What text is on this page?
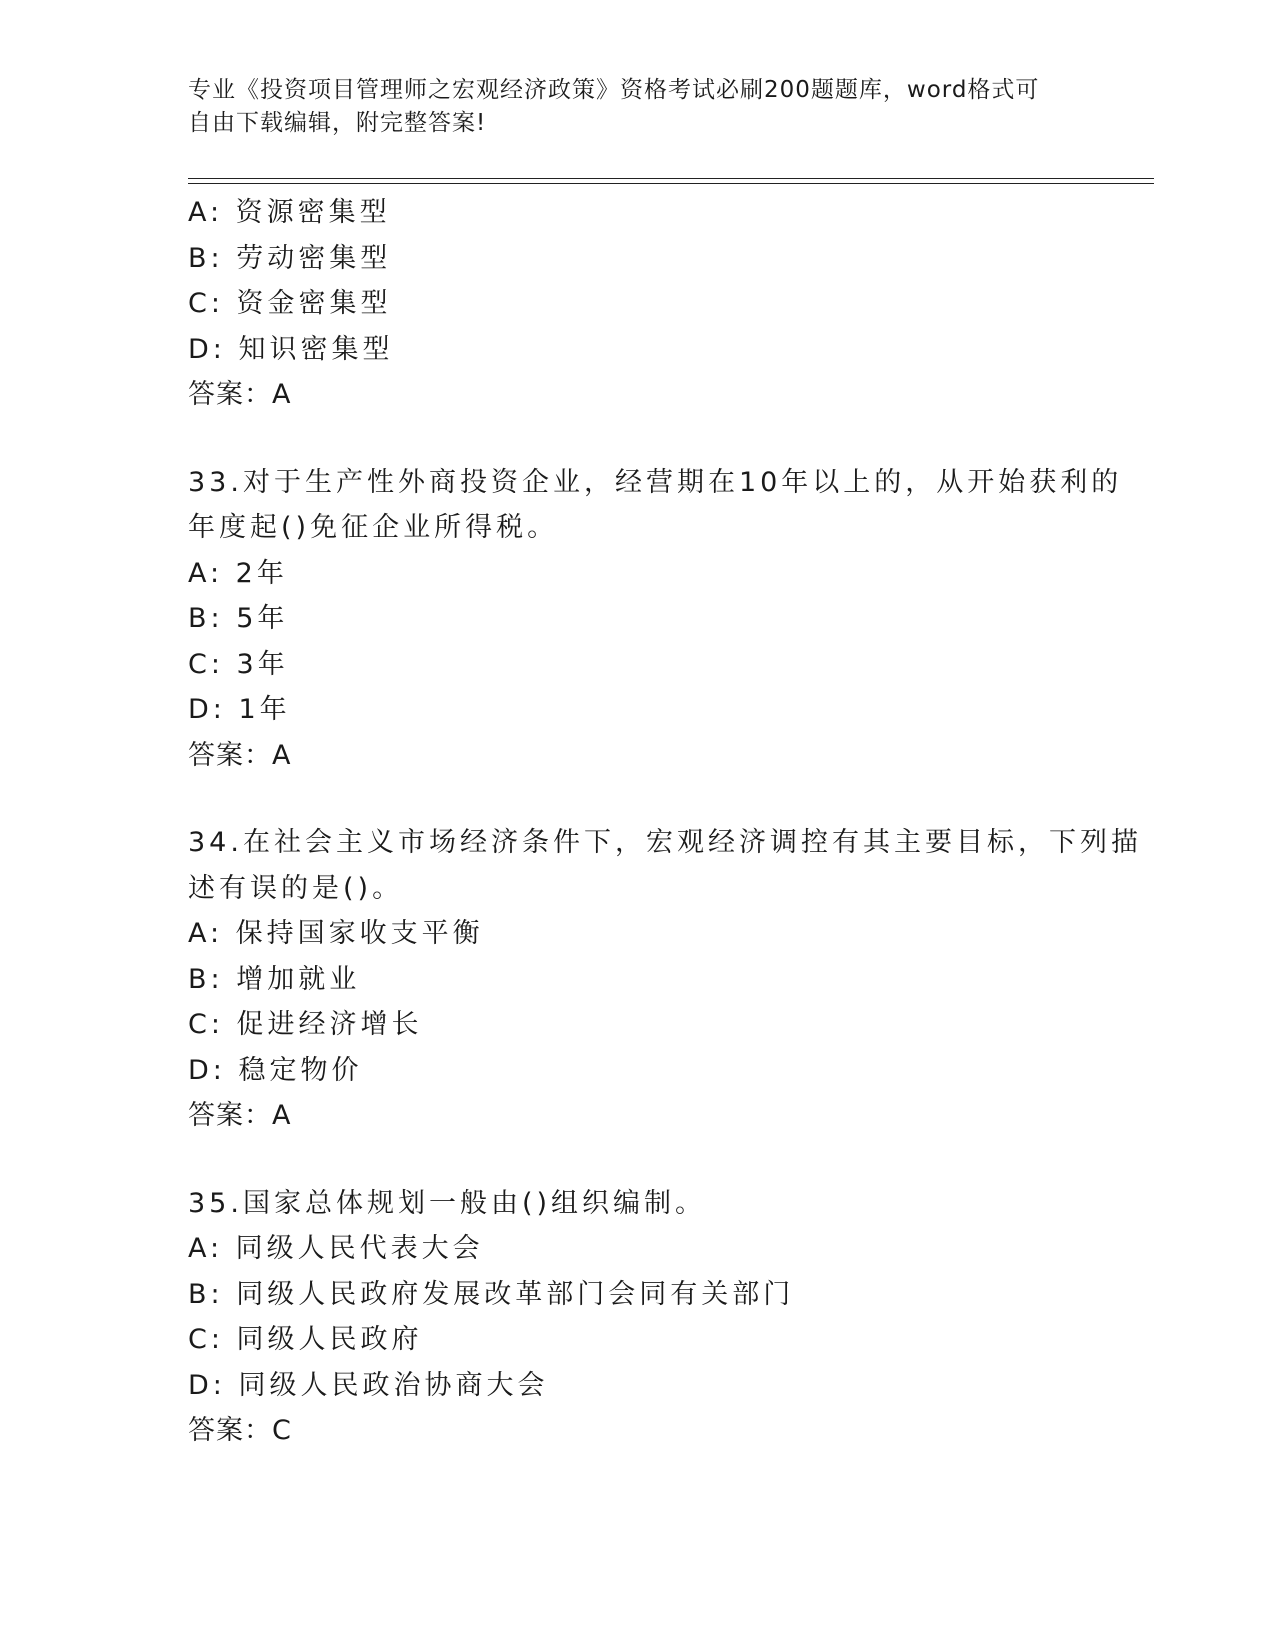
专业《投资项目管理师之宏观经济政策》资格考试必刷200题题库，word格式可
自由下载编辑，附完整答案!
A: 资源密集型
B: 劳动密集型
C: 资金密集型
D: 知识密集型
答案：A
33.对于生产性外商投资企业，经营期在10年以上的，从开始获利的
年度起()免征企业所得税。
A: 2年
B: 5年
C: 3年
D: 1年
答案：A
34.在社会主义市场经济条件下，宏观经济调控有其主要目标，下列描
述有误的是()。
A: 保持国家收支平衡
B: 增加就业
C: 促进经济增长
D: 稳定物价
答案：A
35.国家总体规划一般由()组织编制。
A: 同级人民代表大会
B: 同级人民政府发展改革部门会同有关部门
C: 同级人民政府
D: 同级人民政治协商大会
答案：C
